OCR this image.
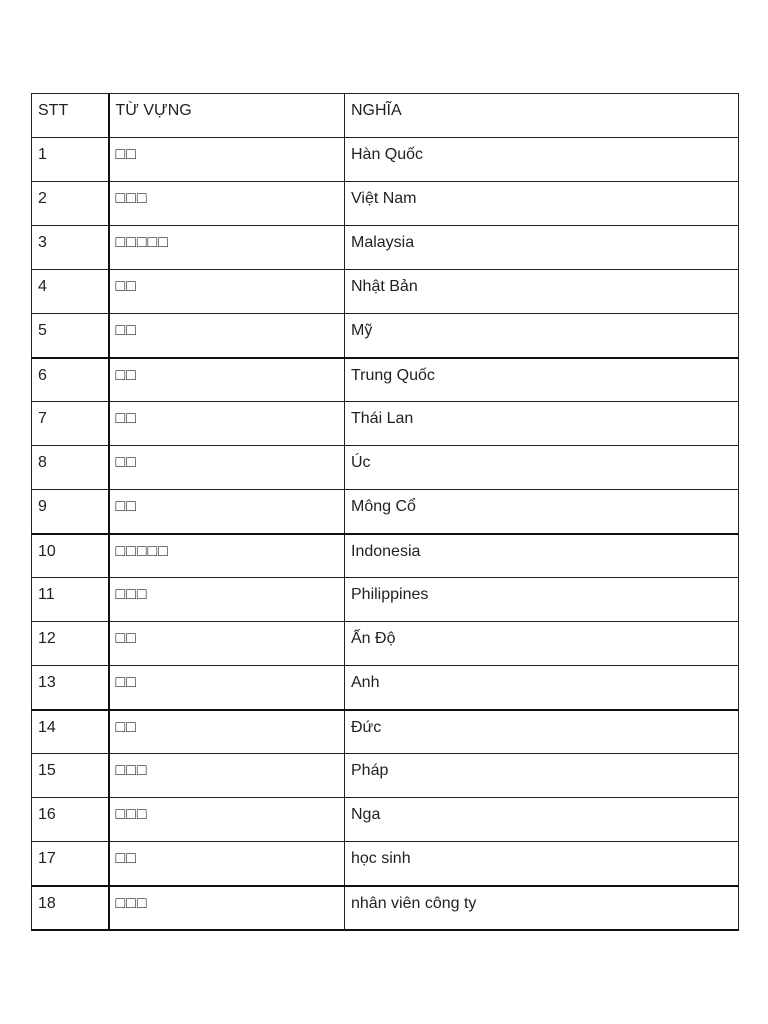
STT	TỪ VỰNG	NGHĨA
1	□□	Hàn Quốc
2	□□□	Việt Nam
3	□□□□□	Malaysia
4	□□	Nhật Bản
5	□□	Mỹ
6	□□	Trung Quốc
7	□□	Thái Lan
8	□□	Úc
9	□□	Mông Cổ
10	□□□□□	Indonesia
11	□□□	Philippines
12	□□	Ấn Độ
13	□□	Anh
14	□□	Đức
15	□□□	Pháp
16	□□□	Nga
17	□□	học sinh
18	□□□	nhân viên công ty
